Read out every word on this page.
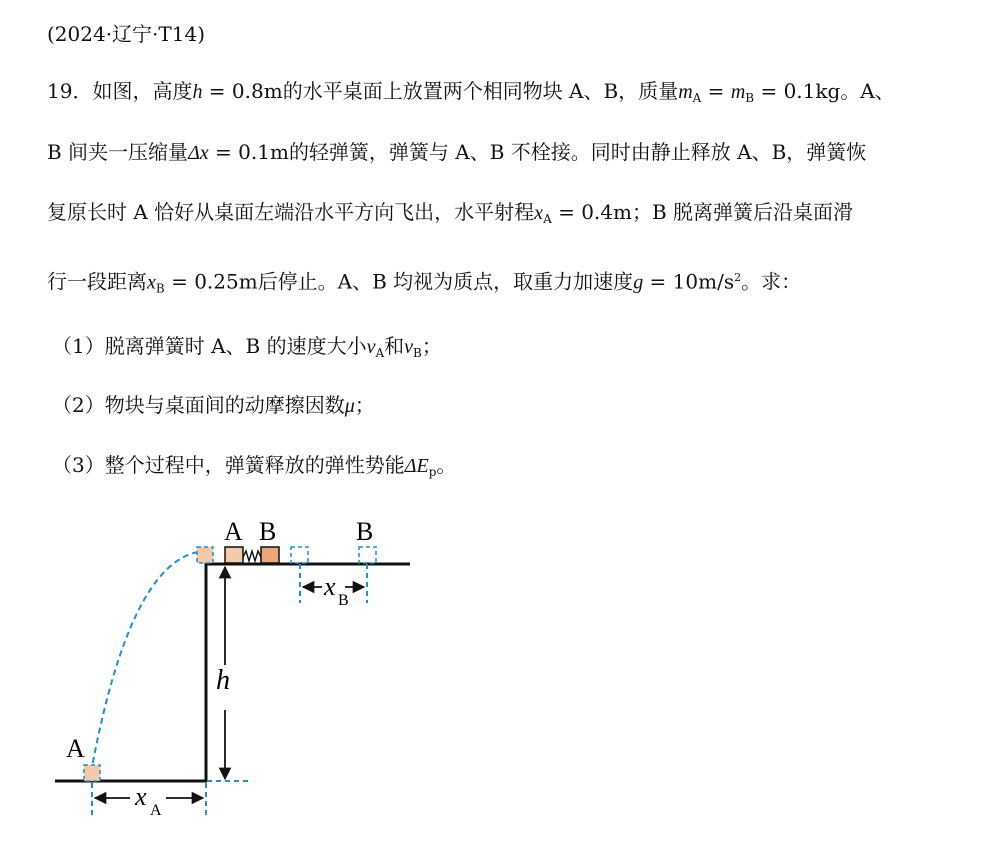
(2024·辽宁·T14)
19．如图，高度h = 0.8m的水平桌面上放置两个相同物块 A、B，质量$m_A = m_B = 0.1kg$。A、
B 间夹一压缩量Δx = 0.1m的轻弹簧，弹簧与 A、B 不栓接。同时由静止释放 A、B，弹簧恢
复原长时 A 恰好从桌面左端沿水平方向飞出，水平射程$x_A = 0.4m$；B 脱离弹簧后沿桌面滑
行一段距离$x_B = 0.25m$后停止。A、B 均视为质点，取重力加速度$g = 10m/s^2$。求：
（1）脱离弹簧时 A、B 的速度大小$v_A$和$v_B$；
（2）物块与桌面间的动摩擦因数μ；
（3）整个过程中，弹簧释放的弹性势能$\Delta E_p$。
h
x A
x B
A B	B
A
